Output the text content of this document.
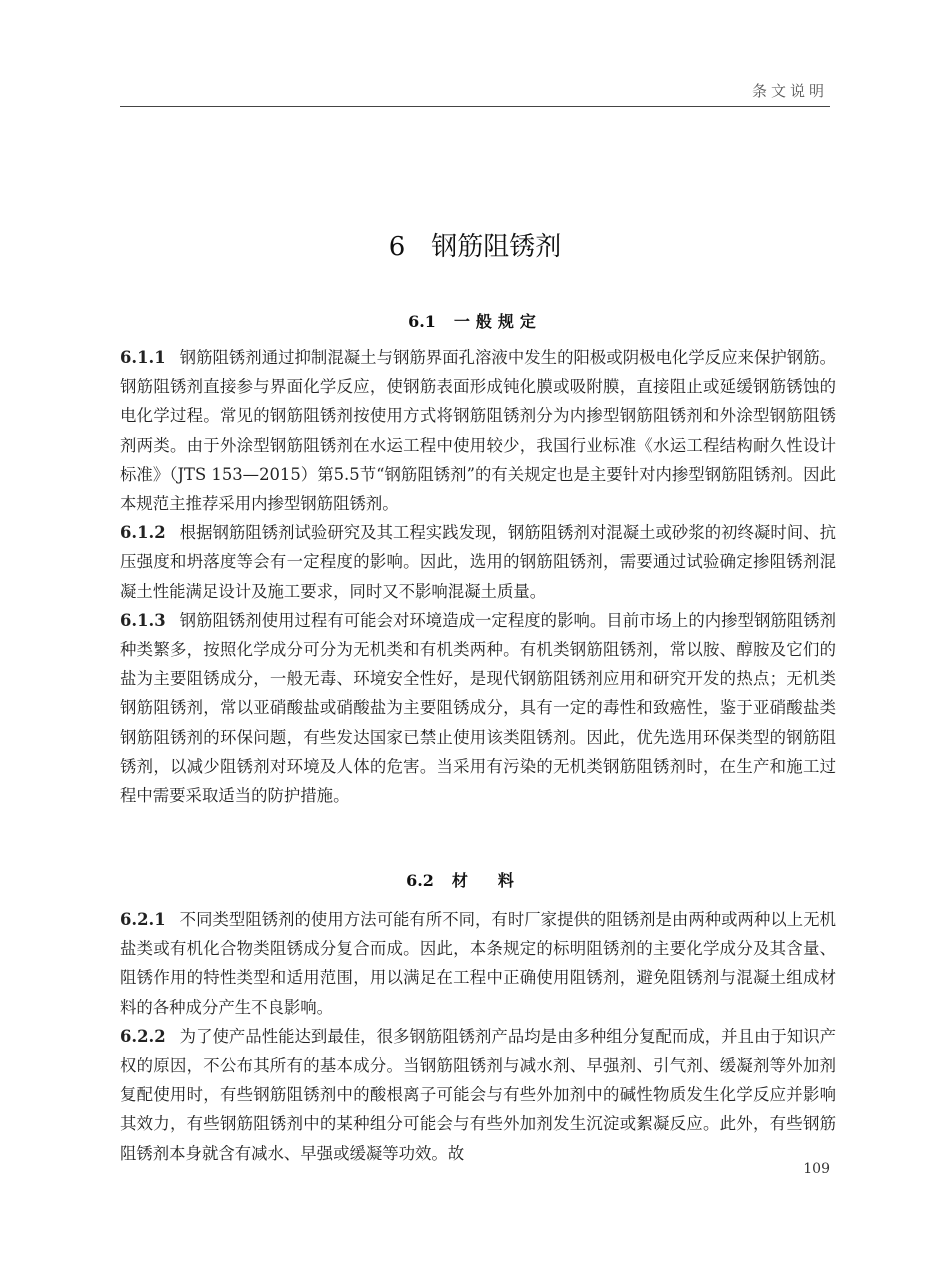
条文说明
6 钢筋阻锈剂
6.1 一般规定

6.1.1 钢筋阻锈剂通过抑制混凝土与钢筋界面孔溶液中发生的阳极或阴极电化学反应来保护钢筋。钢筋阻锈剂直接参与界面化学反应，使钢筋表面形成钝化膜或吸附膜，直接阻止或延缓钢筋锈蚀的电化学过程。常见的钢筋阻锈剂按使用方式将钢筋阻锈剂分为内掺型钢筋阻锈剂和外涂型钢筋阻锈剂两类。由于外涂型钢筋阻锈剂在水运工程中使用较少，我国行业标准《水运工程结构耐久性设计标准》（JTS 153—2015）第5.5节“钢筋阻锈剂”的有关规定也是主要针对内掺型钢筋阻锈剂。因此本规范主推荐采用内掺型钢筋阻锈剂。

6.1.2 根据钢筋阻锈剂试验研究及其工程实践发现，钢筋阻锈剂对混凝土或砂浆的初终凝时间、抗压强度和坍落度等会有一定程度的影响。因此，选用的钢筋阻锈剂，需要通过试验确定掺阻锈剂混凝土性能满足设计及施工要求，同时又不影响混凝土质量。

6.1.3 钢筋阻锈剂使用过程有可能会对环境造成一定程度的影响。目前市场上的内掺型钢筋阻锈剂种类繁多，按照化学成分可分为无机类和有机类两种。有机类钢筋阻锈剂，常以胺、醇胺及它们的盐为主要阻锈成分，一般无毒、环境安全性好，是现代钢筋阻锈剂应用和研究开发的热点；无机类钢筋阻锈剂，常以亚硝酸盐或硝酸盐为主要阻锈成分，具有一定的毒性和致癌性，鉴于亚硝酸盐类钢筋阻锈剂的环保问题，有些发达国家已禁止使用该类阻锈剂。因此，优先选用环保类型的钢筋阻锈剂，以减少阻锈剂对环境及人体的危害。当采用有污染的无机类钢筋阻锈剂时，在生产和施工过程中需要采取适当的防护措施。

6.2 材料

6.2.1 不同类型阻锈剂的使用方法可能有所不同，有时厂家提供的阻锈剂是由两种或两种以上无机盐类或有机化合物类阻锈成分复合而成。因此，本条规定的标明阻锈剂的主要化学成分及其含量、阻锈作用的特性类型和适用范围，用以满足在工程中正确使用阻锈剂，避免阻锈剂与混凝土组成材料的各种成分产生不良影响。

6.2.2 为了使产品性能达到最佳，很多钢筋阻锈剂产品均是由多种组分复配而成，并且由于知识产权的原因，不公布其所有的基本成分。当钢筋阻锈剂与减水剂、早强剂、引气剂、缓凝剂等外加剂复配使用时，有些钢筋阻锈剂中的酸根离子可能会与有些外加剂中的碱性物质发生化学反应并影响其效力，有些钢筋阻锈剂中的某种组分可能会与有些外加剂发生沉淀或絮凝反应。此外，有些钢筋阻锈剂本身就含有减水、早强或缓凝等功效。故

109
